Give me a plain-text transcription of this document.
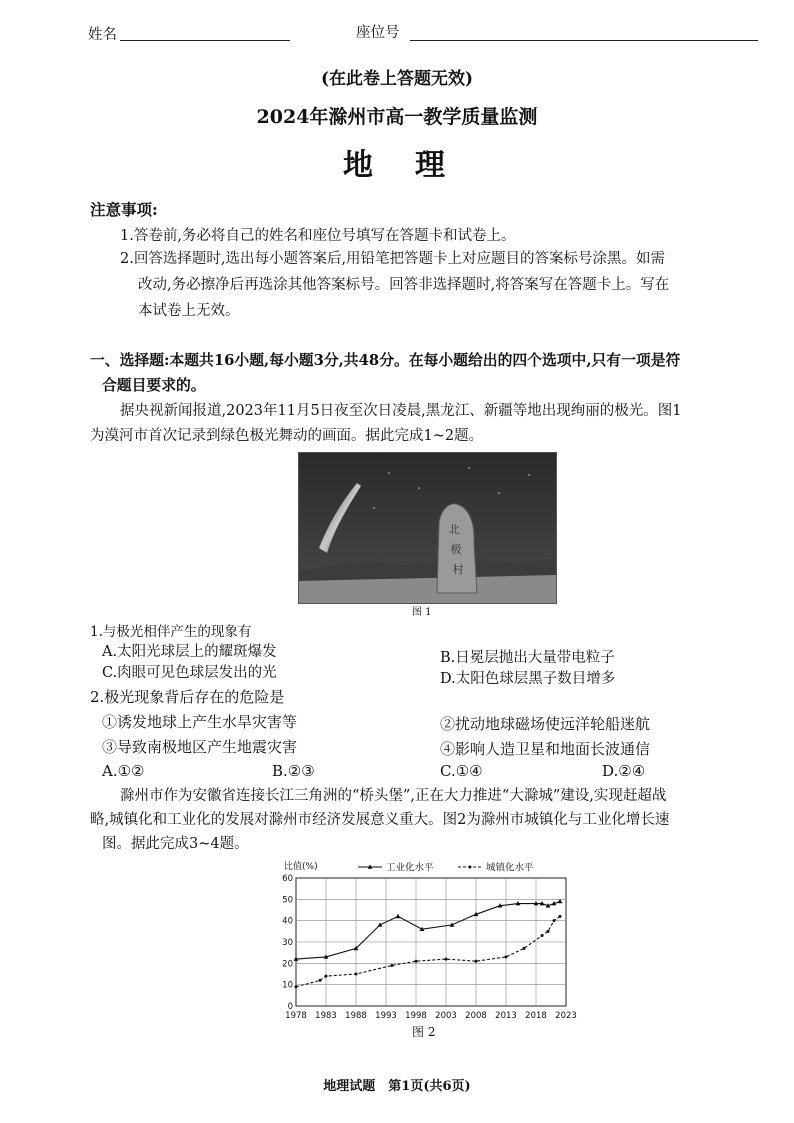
姓名	座位号
(在此卷上答题无效)
2024年滁州市高一教学质量监测
地　理
注意事项:
1.答卷前,务必将自己的姓名和座位号填写在答题卡和试卷上。
2.回答选择题时,选出每小题答案后,用铅笔把答题卡上对应题目的答案标号涂黑。如需
改动,务必擦净后再选涂其他答案标号。回答非选择题时,将答案写在答题卡上。写在
本试卷上无效。
一、选择题:本题共16小题,每小题3分,共48分。在每小题给出的四个选项中,只有一项是符
合题目要求的。
据央视新闻报道,2023年11月5日夜至次日凌晨,黑龙江、新疆等地出现绚丽的极光。图1
为漠河市首次记录到绿色极光舞动的画面。据此完成1~2题。
北
极
村
图 1
1.与极光相伴产生的现象有
A.太阳光球层上的耀斑爆发	B.日冕层抛出大量带电粒子
C.肉眼可见色球层发出的光	D.太阳色球层黑子数目增多
2.极光现象背后存在的危险是
①诱发地球上产生水旱灾害等	②扰动地球磁场使远洋轮船迷航
③导致南极地区产生地震灾害	④影响人造卫星和地面长波通信
A.①②	B.②③	C.①④	D.②④
滁州市作为安徽省连接长江三角洲的“桥头堡”,正在大力推进“大滁城”建设,实现赶超战
略,城镇化和工业化的发展对滁州市经济发展意义重大。图2为滁州市城镇化与工业化增长速
图。据此完成3~4题。
比值(%)	工业化水平	城镇化水平
0
10
20
30
40
50
60
1978 1983 1988 1993 1998 2003 2008 2013 2018 2023
图 2
地理试题　第1页(共6页)
